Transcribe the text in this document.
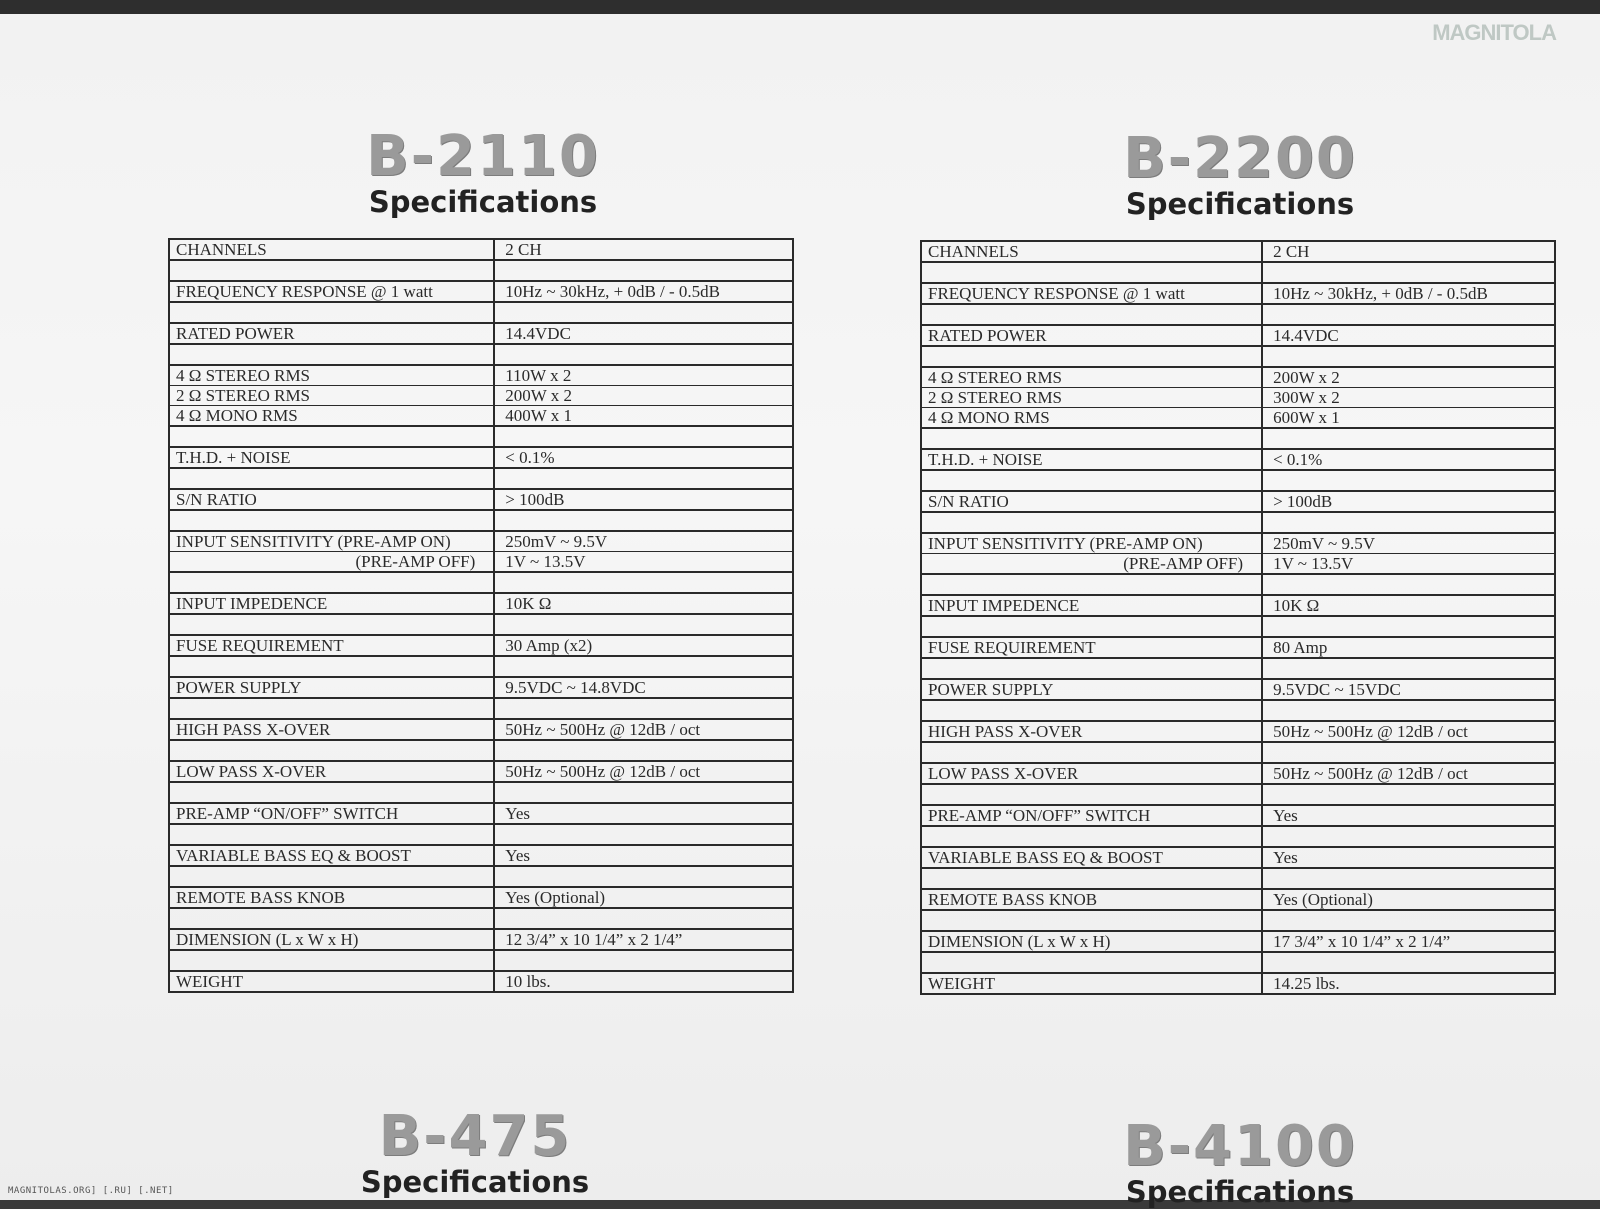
MAGNITOLA
B-2110
Specifications
CHANNELS	2 CH

FREQUENCY RESPONSE @ 1 watt	10Hz ~ 30kHz, + 0dB / - 0.5dB

RATED POWER	14.4VDC

4 Ω STEREO RMS	110W x 2
2 Ω STEREO RMS	200W x 2
4 Ω MONO RMS	400W x 1

T.H.D. + NOISE	< 0.1%

S/N RATIO	> 100dB

INPUT SENSITIVITY (PRE-AMP ON)	250mV ~ 9.5V
(PRE-AMP OFF)	1V ~ 13.5V

INPUT IMPEDENCE	10K Ω

FUSE REQUIREMENT	30 Amp (x2)

POWER SUPPLY	9.5VDC ~ 14.8VDC

HIGH PASS X-OVER	50Hz ~ 500Hz @ 12dB / oct

LOW PASS X-OVER	50Hz ~ 500Hz @ 12dB / oct

PRE-AMP “ON/OFF” SWITCH	Yes

VARIABLE BASS EQ & BOOST	Yes

REMOTE BASS KNOB	Yes (Optional)

DIMENSION (L x W x H)	12 3/4” x 10 1/4” x 2 1/4”

WEIGHT	10 lbs.
B-2200
Specifications
CHANNELS	2 CH

FREQUENCY RESPONSE @ 1 watt	10Hz ~ 30kHz, + 0dB / - 0.5dB

RATED POWER	14.4VDC

4 Ω STEREO RMS	200W x 2
2 Ω STEREO RMS	300W x 2
4 Ω MONO RMS	600W x 1

T.H.D. + NOISE	< 0.1%

S/N RATIO	> 100dB

INPUT SENSITIVITY (PRE-AMP ON)	250mV ~ 9.5V
(PRE-AMP OFF)	1V ~ 13.5V

INPUT IMPEDENCE	10K Ω

FUSE REQUIREMENT	80 Amp

POWER SUPPLY	9.5VDC ~ 15VDC

HIGH PASS X-OVER	50Hz ~ 500Hz @ 12dB / oct

LOW PASS X-OVER	50Hz ~ 500Hz @ 12dB / oct

PRE-AMP “ON/OFF” SWITCH	Yes

VARIABLE BASS EQ & BOOST	Yes

REMOTE BASS KNOB	Yes (Optional)

DIMENSION (L x W x H)	17 3/4” x 10 1/4” x 2 1/4”

WEIGHT	14.25 lbs.
B-475
Specifications
B-4100
Specifications
MAGNITOLAS.ORG] [.RU] [.NET]
